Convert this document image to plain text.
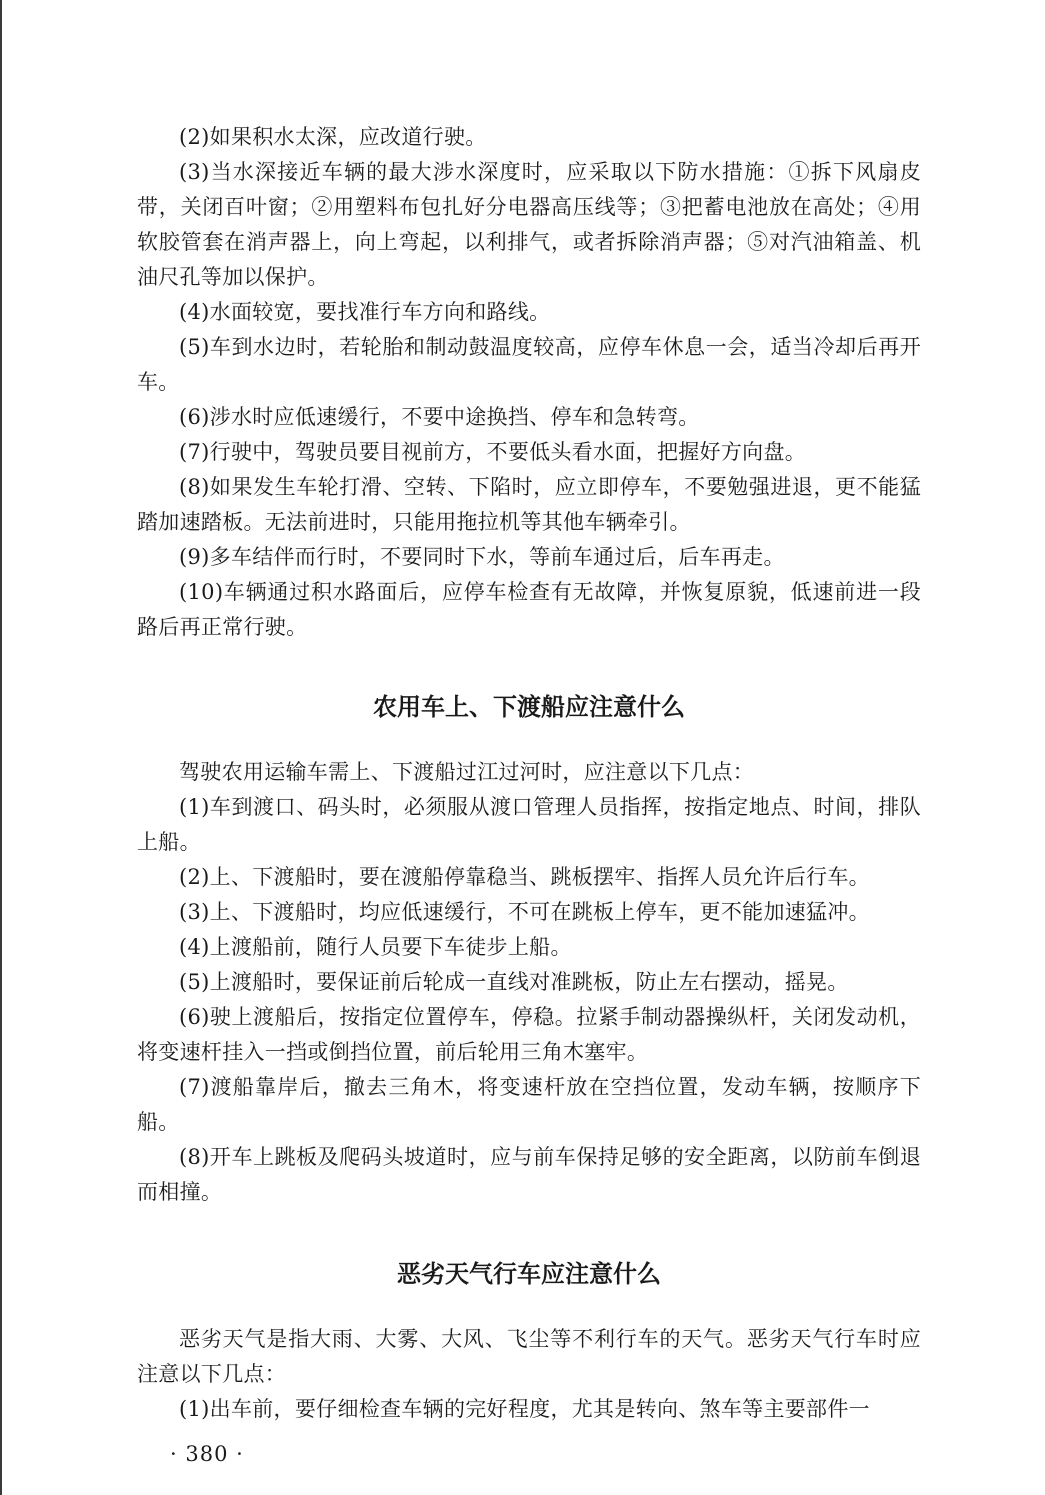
(2)如果积水太深，应改道行驶。

(3)当水深接近车辆的最大涉水深度时，应采取以下防水措施：①拆下风扇皮带，关闭百叶窗；②用塑料布包扎好分电器高压线等；③把蓄电池放在高处；④用软胶管套在消声器上，向上弯起，以利排气，或者拆除消声器；⑤对汽油箱盖、机油尺孔等加以保护。

(4)水面较宽，要找准行车方向和路线。

(5)车到水边时，若轮胎和制动鼓温度较高，应停车休息一会，适当冷却后再开车。

(6)涉水时应低速缓行，不要中途换挡、停车和急转弯。

(7)行驶中，驾驶员要目视前方，不要低头看水面，把握好方向盘。

(8)如果发生车轮打滑、空转、下陷时，应立即停车，不要勉强进退，更不能猛踏加速踏板。无法前进时，只能用拖拉机等其他车辆牵引。

(9)多车结伴而行时，不要同时下水，等前车通过后，后车再走。

(10)车辆通过积水路面后，应停车检查有无故障，并恢复原貌，低速前进一段路后再正常行驶。

农用车上、下渡船应注意什么

驾驶农用运输车需上、下渡船过江过河时，应注意以下几点：

(1)车到渡口、码头时，必须服从渡口管理人员指挥，按指定地点、时间，排队上船。

(2)上、下渡船时，要在渡船停靠稳当、跳板摆牢、指挥人员允许后行车。

(3)上、下渡船时，均应低速缓行，不可在跳板上停车，更不能加速猛冲。

(4)上渡船前，随行人员要下车徒步上船。

(5)上渡船时，要保证前后轮成一直线对准跳板，防止左右摆动，摇晃。

(6)驶上渡船后，按指定位置停车，停稳。拉紧手制动器操纵杆，关闭发动机，将变速杆挂入一挡或倒挡位置，前后轮用三角木塞牢。

(7)渡船靠岸后，撤去三角木，将变速杆放在空挡位置，发动车辆，按顺序下船。

(8)开车上跳板及爬码头坡道时，应与前车保持足够的安全距离，以防前车倒退而相撞。

恶劣天气行车应注意什么

恶劣天气是指大雨、大雾、大风、飞尘等不利行车的天气。恶劣天气行车时应注意以下几点：

(1)出车前，要仔细检查车辆的完好程度，尤其是转向、煞车等主要部件一

· 380 ·
